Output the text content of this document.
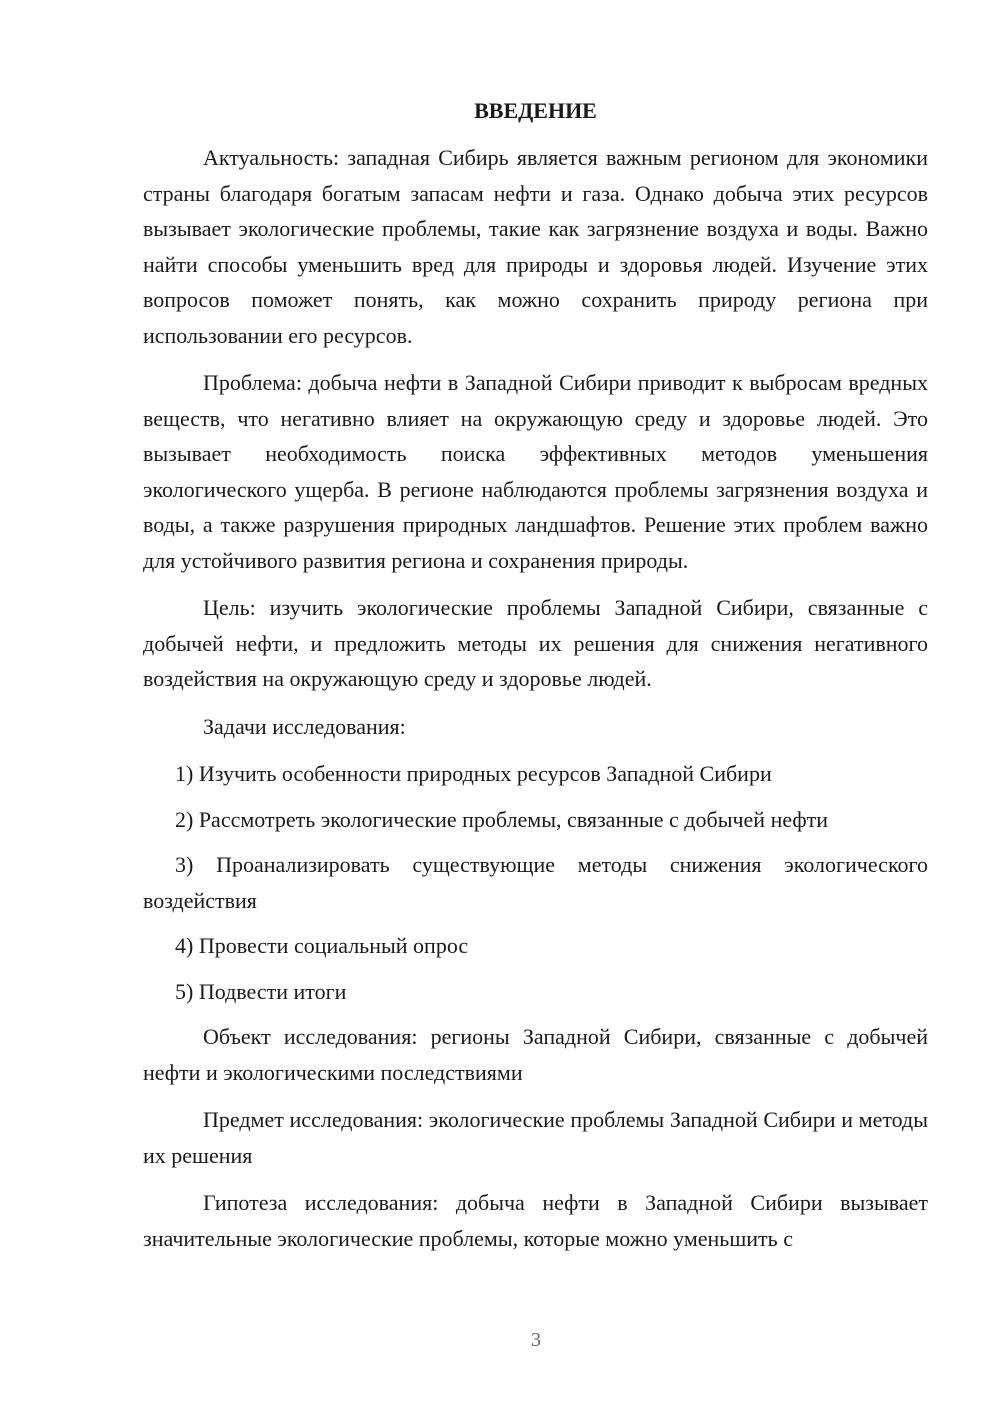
ВВЕДЕНИЕ

Актуальность: западная Сибирь является важным регионом для экономики страны благодаря богатым запасам нефти и газа. Однако добыча этих ресурсов вызывает экологические проблемы, такие как загрязнение воздуха и воды. Важно найти способы уменьшить вред для природы и здоровья людей. Изучение этих вопросов поможет понять, как можно сохранить природу региона при использовании его ресурсов.

Проблема: добыча нефти в Западной Сибири приводит к выбросам вредных веществ, что негативно влияет на окружающую среду и здоровье людей. Это вызывает необходимость поиска эффективных методов уменьшения экологического ущерба. В регионе наблюдаются проблемы загрязнения воздуха и воды, а также разрушения природных ландшафтов. Решение этих проблем важно для устойчивого развития региона и сохранения природы.

Цель: изучить экологические проблемы Западной Сибири, связанные с добычей нефти, и предложить методы их решения для снижения негативного воздействия на окружающую среду и здоровье людей.

Задачи исследования:

1) Изучить особенности природных ресурсов Западной Сибири

2) Рассмотреть экологические проблемы, связанные с добычей нефти

3) Проанализировать существующие методы снижения экологического воздействия

4) Провести социальный опрос

5) Подвести итоги

Объект исследования: регионы Западной Сибири, связанные с добычей нефти и экологическими последствиями

Предмет исследования: экологические проблемы Западной Сибири и методы их решения

Гипотеза исследования: добыча нефти в Западной Сибири вызывает значительные экологические проблемы, которые можно уменьшить с

3
